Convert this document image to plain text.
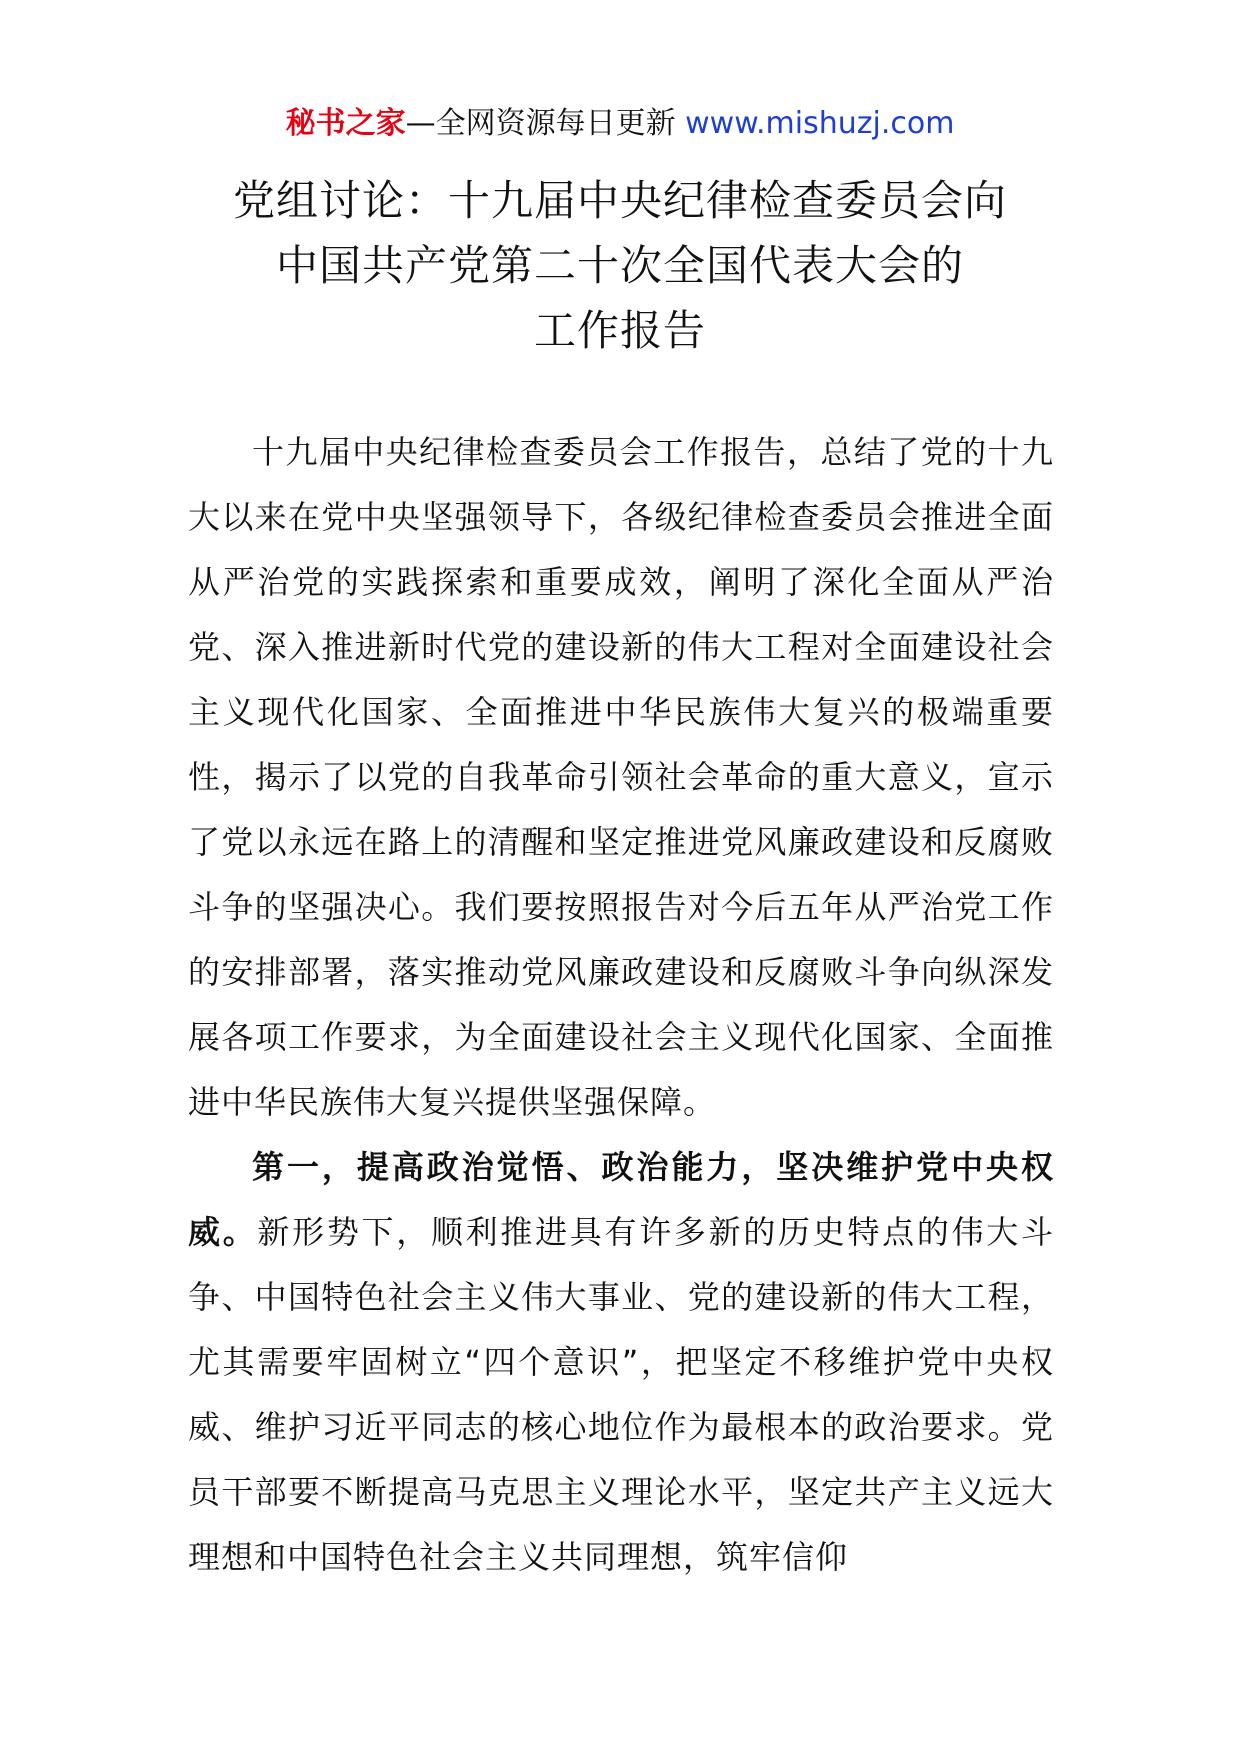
秘书之家—全网资源每日更新 www.mishuzj.com
党组讨论：十九届中央纪律检查委员会向
中国共产党第二十次全国代表大会的
工作报告

十九届中央纪律检查委员会工作报告，总结了党的十九大以来在党中央坚强领导下，各级纪律检查委员会推进全面从严治党的实践探索和重要成效，阐明了深化全面从严治党、深入推进新时代党的建设新的伟大工程对全面建设社会主义现代化国家、全面推进中华民族伟大复兴的极端重要性，揭示了以党的自我革命引领社会革命的重大意义，宣示了党以永远在路上的清醒和坚定推进党风廉政建设和反腐败斗争的坚强决心。我们要按照报告对今后五年从严治党工作的安排部署，落实推动党风廉政建设和反腐败斗争向纵深发展各项工作要求，为全面建设社会主义现代化国家、全面推进中华民族伟大复兴提供坚强保障。

第一，提高政治觉悟、政治能力，坚决维护党中央权威。新形势下，顺利推进具有许多新的历史特点的伟大斗争、中国特色社会主义伟大事业、党的建设新的伟大工程，尤其需要牢固树立“四个意识”，把坚定不移维护党中央权威、维护习近平同志的核心地位作为最根本的政治要求。党员干部要不断提高马克思主义理论水平，坚定共产主义远大理想和中国特色社会主义共同理想，筑牢信仰
